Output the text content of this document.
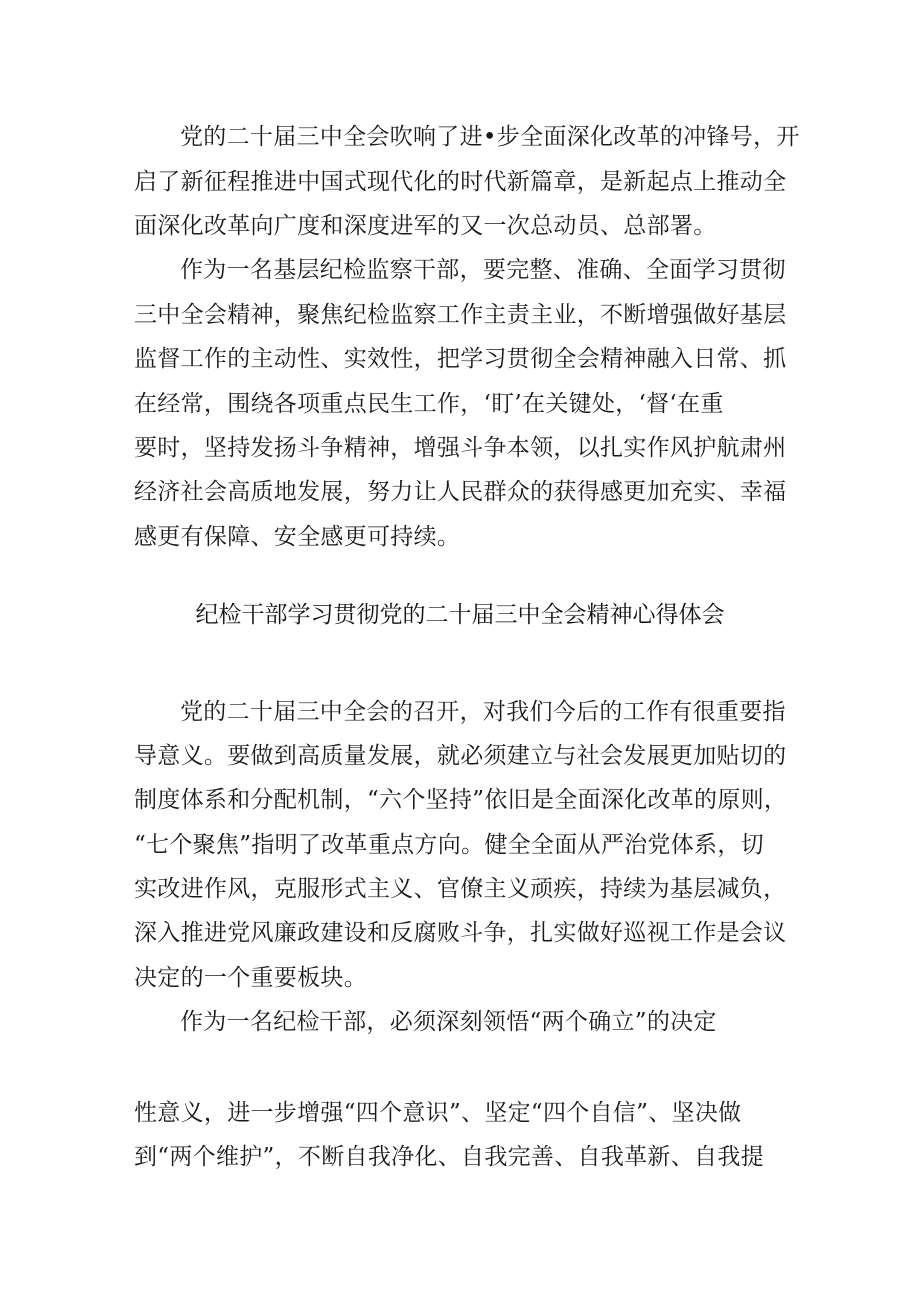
党的二十届三中全会吹响了进•步全面深化改革的冲锋号，开
启了新征程推进中国式现代化的时代新篇章，是新起点上推动全
面深化改革向广度和深度进军的又一次总动员、总部署。
作为一名基层纪检监察干部，要完整、准确、全面学习贯彻
三中全会精神，聚焦纪检监察工作主责主业，不断增强做好基层
监督工作的主动性、实效性，把学习贯彻全会精神融入日常、抓
在经常，围绕各项重点民生工作，‘盯’在关键处，‘督‘在重
要时，坚持发扬斗争精神，增强斗争本领，以扎实作风护航肃州
经济社会高质地发展，努力让人民群众的获得感更加充实、幸福
感更有保障、安全感更可持续。
纪检干部学习贯彻党的二十届三中全会精神心得体会
党的二十届三中全会的召开，对我们今后的工作有很重要指
导意义。要做到高质量发展，就必须建立与社会发展更加贴切的
制度体系和分配机制，“六个坚持”依旧是全面深化改革的原则，
“七个聚焦”指明了改革重点方向。健全全面从严治党体系，切
实改进作风，克服形式主义、官僚主义顽疾，持续为基层减负，
深入推进党风廉政建设和反腐败斗争，扎实做好巡视工作是会议
决定的一个重要板块。
作为一名纪检干部，必须深刻领悟“两个确立”的决定
性意义，进一步增强“四个意识”、坚定“四个自信”、坚决做
到“两个维护”，不断自我净化、自我完善、自我革新、自我提
